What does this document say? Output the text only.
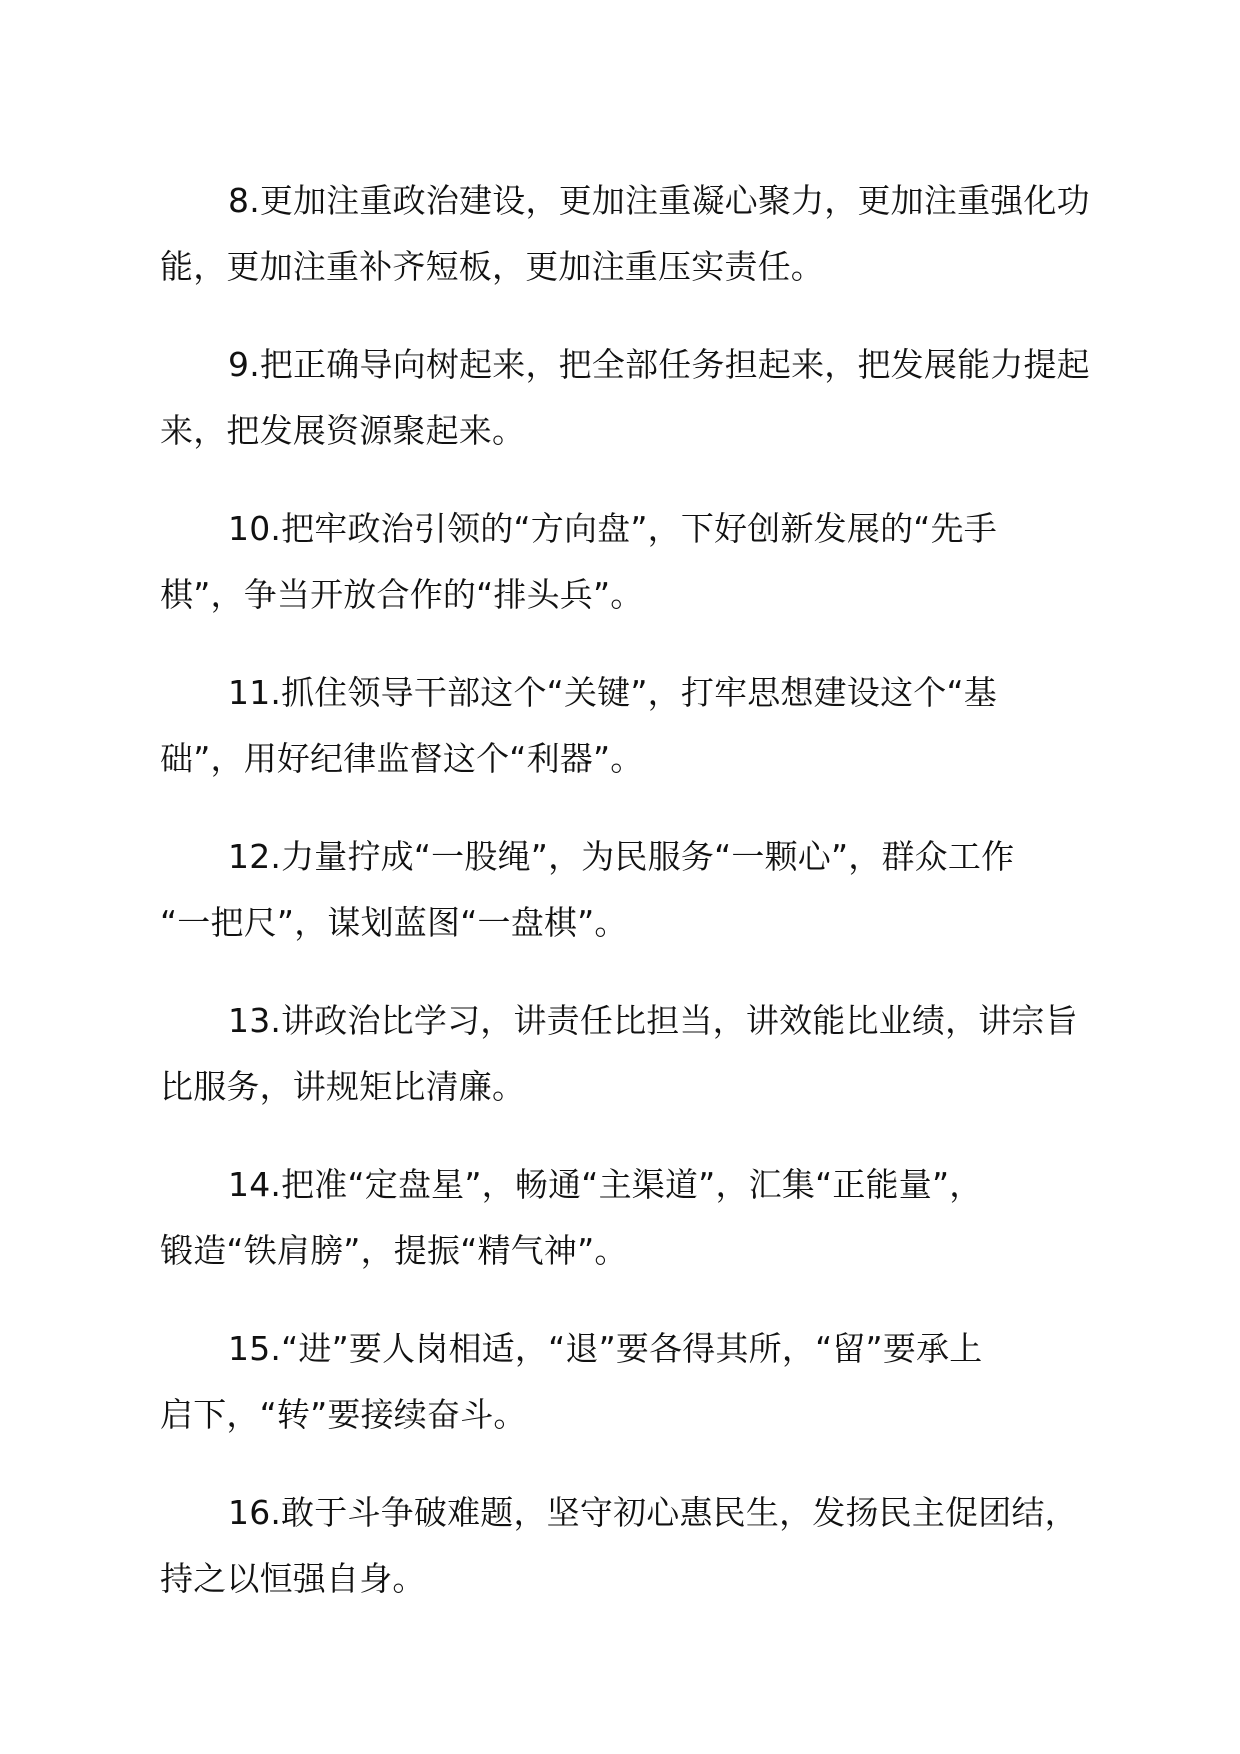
8.更加注重政治建设，更加注重凝心聚力，更加注重强化功
能，更加注重补齐短板，更加注重压实责任。

9.把正确导向树起来，把全部任务担起来，把发展能力提起
来，把发展资源聚起来。

10.把牢政治引领的“方向盘”，下好创新发展的“先手
棋”，争当开放合作的“排头兵”。

11.抓住领导干部这个“关键”，打牢思想建设这个“基
础”，用好纪律监督这个“利器”。

12.力量拧成“一股绳”，为民服务“一颗心”，群众工作
“一把尺”，谋划蓝图“一盘棋”。

13.讲政治比学习，讲责任比担当，讲效能比业绩，讲宗旨
比服务，讲规矩比清廉。

14.把准“定盘星”，畅通“主渠道”，汇集“正能量”，
锻造“铁肩膀”，提振“精气神”。

15.“进”要人岗相适，“退”要各得其所，“留”要承上
启下，“转”要接续奋斗。

16.敢于斗争破难题，坚守初心惠民生，发扬民主促团结，
持之以恒强自身。
